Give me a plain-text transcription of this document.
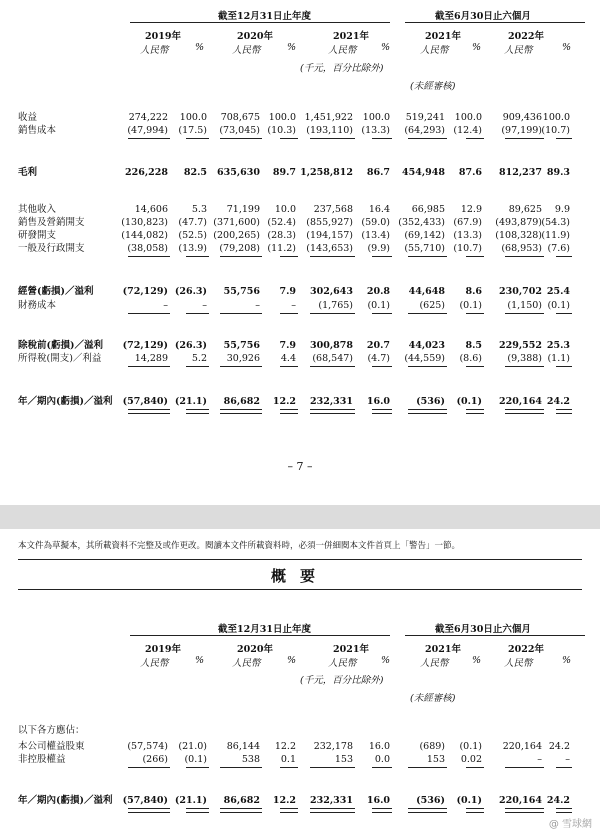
截至12月31日止年度	截至6月30日止六個月
2019年	2020年	2021年	2021年	2022年
人民幣	%	人民幣	%	人民幣	%	人民幣 % 人民幣	%
(千元，百分比除外)
(未經審核)
收益	274,222 100.0 708,675 100.0 1,451,922 100.0 519,241 100.0 909,436 100.0
銷售成本	(47,994) (17.5) (73,045) (10.3) (193,110) (13.3) (64,293) (12.4) (97,199) (10.7)
毛利	226,228 82.5 635,630 89.7 1,258,812 86.7 454,948 87.6 812,237 89.3
其他收入	14,606	5.3 71,199 10.0 237,568 16.4 66,985 12.9	89,625 9.9
銷售及營銷開支	(130,823) (47.7) (371,600) (52.4) (855,927) (59.0) (352,433) (67.9) (493,879) (54.3)
研發開支	(144,082) (52.5) (200,265) (28.3) (194,157) (13.4) (69,142) (13.3) (108,328) (11.9)
一般及行政開支	(38,058) (13.9) (79,208) (11.2) (143,653) (9.9) (55,710) (10.7) (68,953) (7.6)
經營(虧損)／溢利	(72,129) (26.3) 55,756 7.9 302,643 20.8 44,648 8.6 230,702 25.4
財務成本	–	–	–	– (1,765) (0.1)	(625) (0.1)	(1,150) (0.1)
除稅前(虧損)／溢利 (72,129) (26.3) 55,756 7.9 300,878 20.7 44,023 8.5 229,552 25.3
所得稅(開支)／利益	14,289	5.2 30,926 4.4 (68,547) (4.7) (44,559) (8.6)	(9,388) (1.1)
年／期內(虧損)／溢利 (57,840) (21.1) 86,682 12.2 232,331 16.0	(536) (0.1) 220,164 24.2
– 7 –
本文件為草擬本，其所載資料不完整及或作更改。閱讀本文件所載資料時，必須一併細閱本文件首頁上「警告」一節。
概要
截至12月31日止年度	截至6月30日止六個月
2019年	2020年	2021年	2021年	2022年
人民幣	%	人民幣	%	人民幣	%	人民幣 % 人民幣	%
(千元，百分比除外)
(未經審核)
以下各方應佔：
本公司權益股東	(57,574) (21.0) 86,144 12.2 232,178 16.0	(689) (0.1) 220,164 24.2
非控股權益	(266) (0.1)	538 0.1	153 0.0	153 0.02	– –
年／期內(虧損)／溢利 (57,840) (21.1) 86,682 12.2 232,331 16.0	(536) (0.1) 220,164 24.2
@ 雪球網
